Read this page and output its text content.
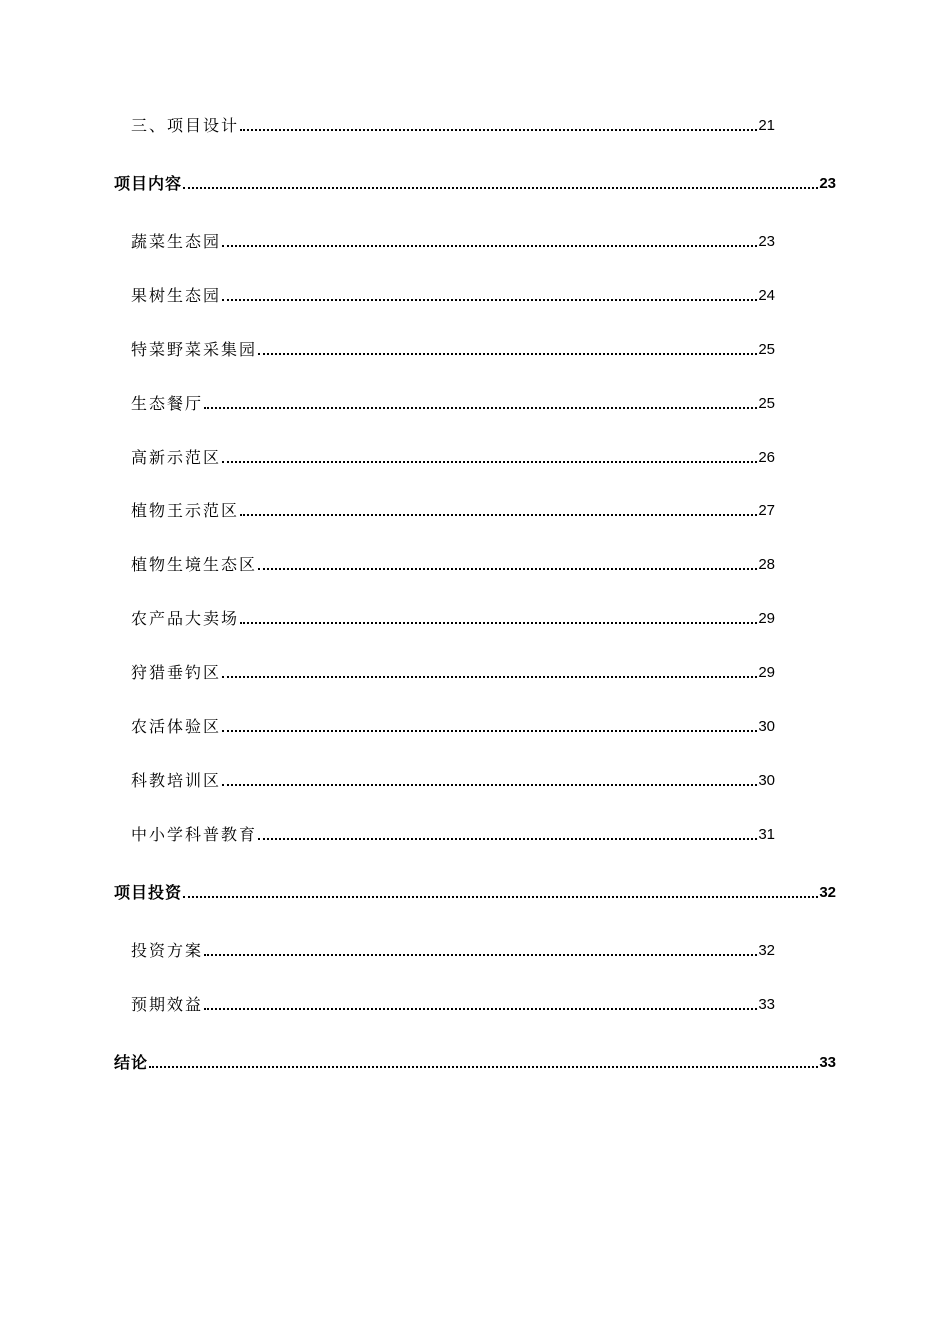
三、项目设计	21
项目内容	23
蔬菜生态园	23
果树生态园	24
特菜野菜采集园	25
生态餐厅	25
高新示范区	26
植物王示范区	27
植物生境生态区	28
农产品大卖场	29
狩猎垂钓区	29
农活体验区	30
科教培训区	30
中小学科普教育	31
项目投资	32
投资方案	32
预期效益	33
结论	33
